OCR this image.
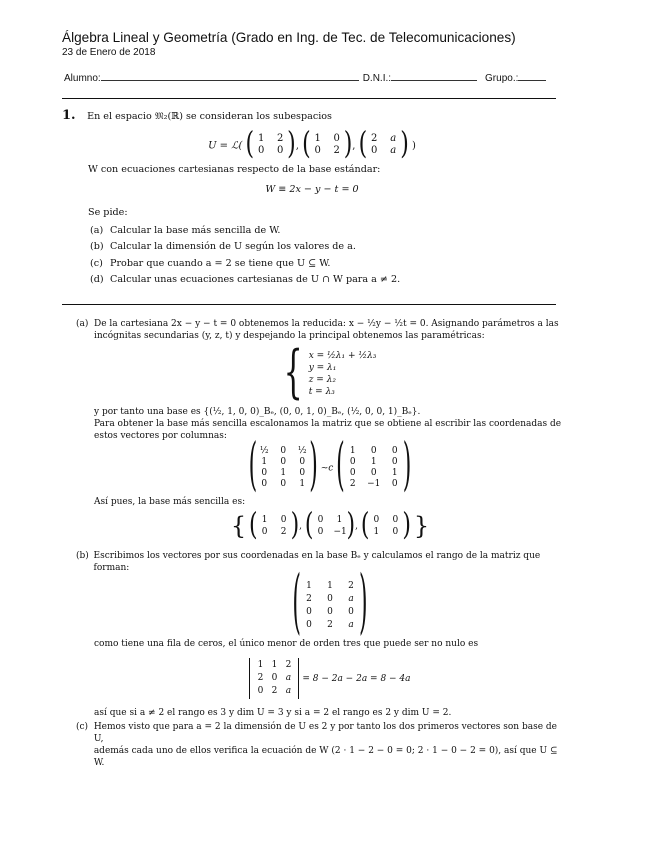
Álgebra Lineal y Geometría (Grado en Ing. de Tec. de Telecomunicaciones)
23 de Enero de 2018
Alumno:	D.N.I.:	Grupo.:
1. En el espacio 𝔐₂(ℝ) se consideran los subespacios
U = ℒ( ( 1 2
0 0 ) , ( 1 0
0 2 ) , ( 2	a
0	a ) )
W con ecuaciones cartesianas respecto de la base estándar:
W ≡ 2x − y − t = 0
Se pide:
(a) Calcular la base más sencilla de W.
(b) Calcular la dimensión de U según los valores de a.
(c) Probar que cuando a = 2 se tiene que U ⊆ W.
(d) Calcular unas ecuaciones cartesianas de U ∩ W para a ≠ 2.
(a) De la cartesiana 2x − y − t = 0 obtenemos la reducida: x − ½y − ½t = 0. Asignando parámetros a las

incógnitas secundarias (y, z, t) y despejando la principal obtenemos las paramétricas:

{ x = ½λ₁ + ½λ₃
y = λ₁
z = λ₂
t = λ₃

y por tanto una base es {(½, 1, 0, 0)_Bₑ, (0, 0, 1, 0)_Bₑ, (½, 0, 0, 1)_Bₑ}.

Para obtener la base más sencilla escalonamos la matriz que se obtiene al escribir las coordenadas de

estos vectores por columnas: ( ½	0	½
1	0	0
0	1	0
0	0	1 ) ∼c ( 1	0	0
0	1	0
0	0	1
2	−1	0 )

Así pues, la base más sencilla es:

{ ( 1	0
0	2 ) , ( 0	1
0	−1 ) , ( 0	0
1	0 ) }
(b) Escribimos los vectores por sus coordenadas en la base Bₑ y calculamos el rango de la matriz que forman:	( 1	1	2
2	0	a
0	0	0
0	2	a )

como tiene una fila de ceros, el único menor de orden tres que puede ser no nulo es

1 1 2
2 0 a
0 2 a
= 8 − 2a − 2a = 8 − 4a

así que si a ≠ 2 el rango es 3 y dim U = 3 y si a = 2 el rango es 2 y dim U = 2.

(c) Hemos visto que para a = 2 la dimensión de U es 2 y por tanto los dos primeros vectores son base de U,

además cada uno de ellos verifica la ecuación de W (2 · 1 − 2 − 0 = 0; 2 · 1 − 0 − 2 = 0), así que U ⊆ W.
